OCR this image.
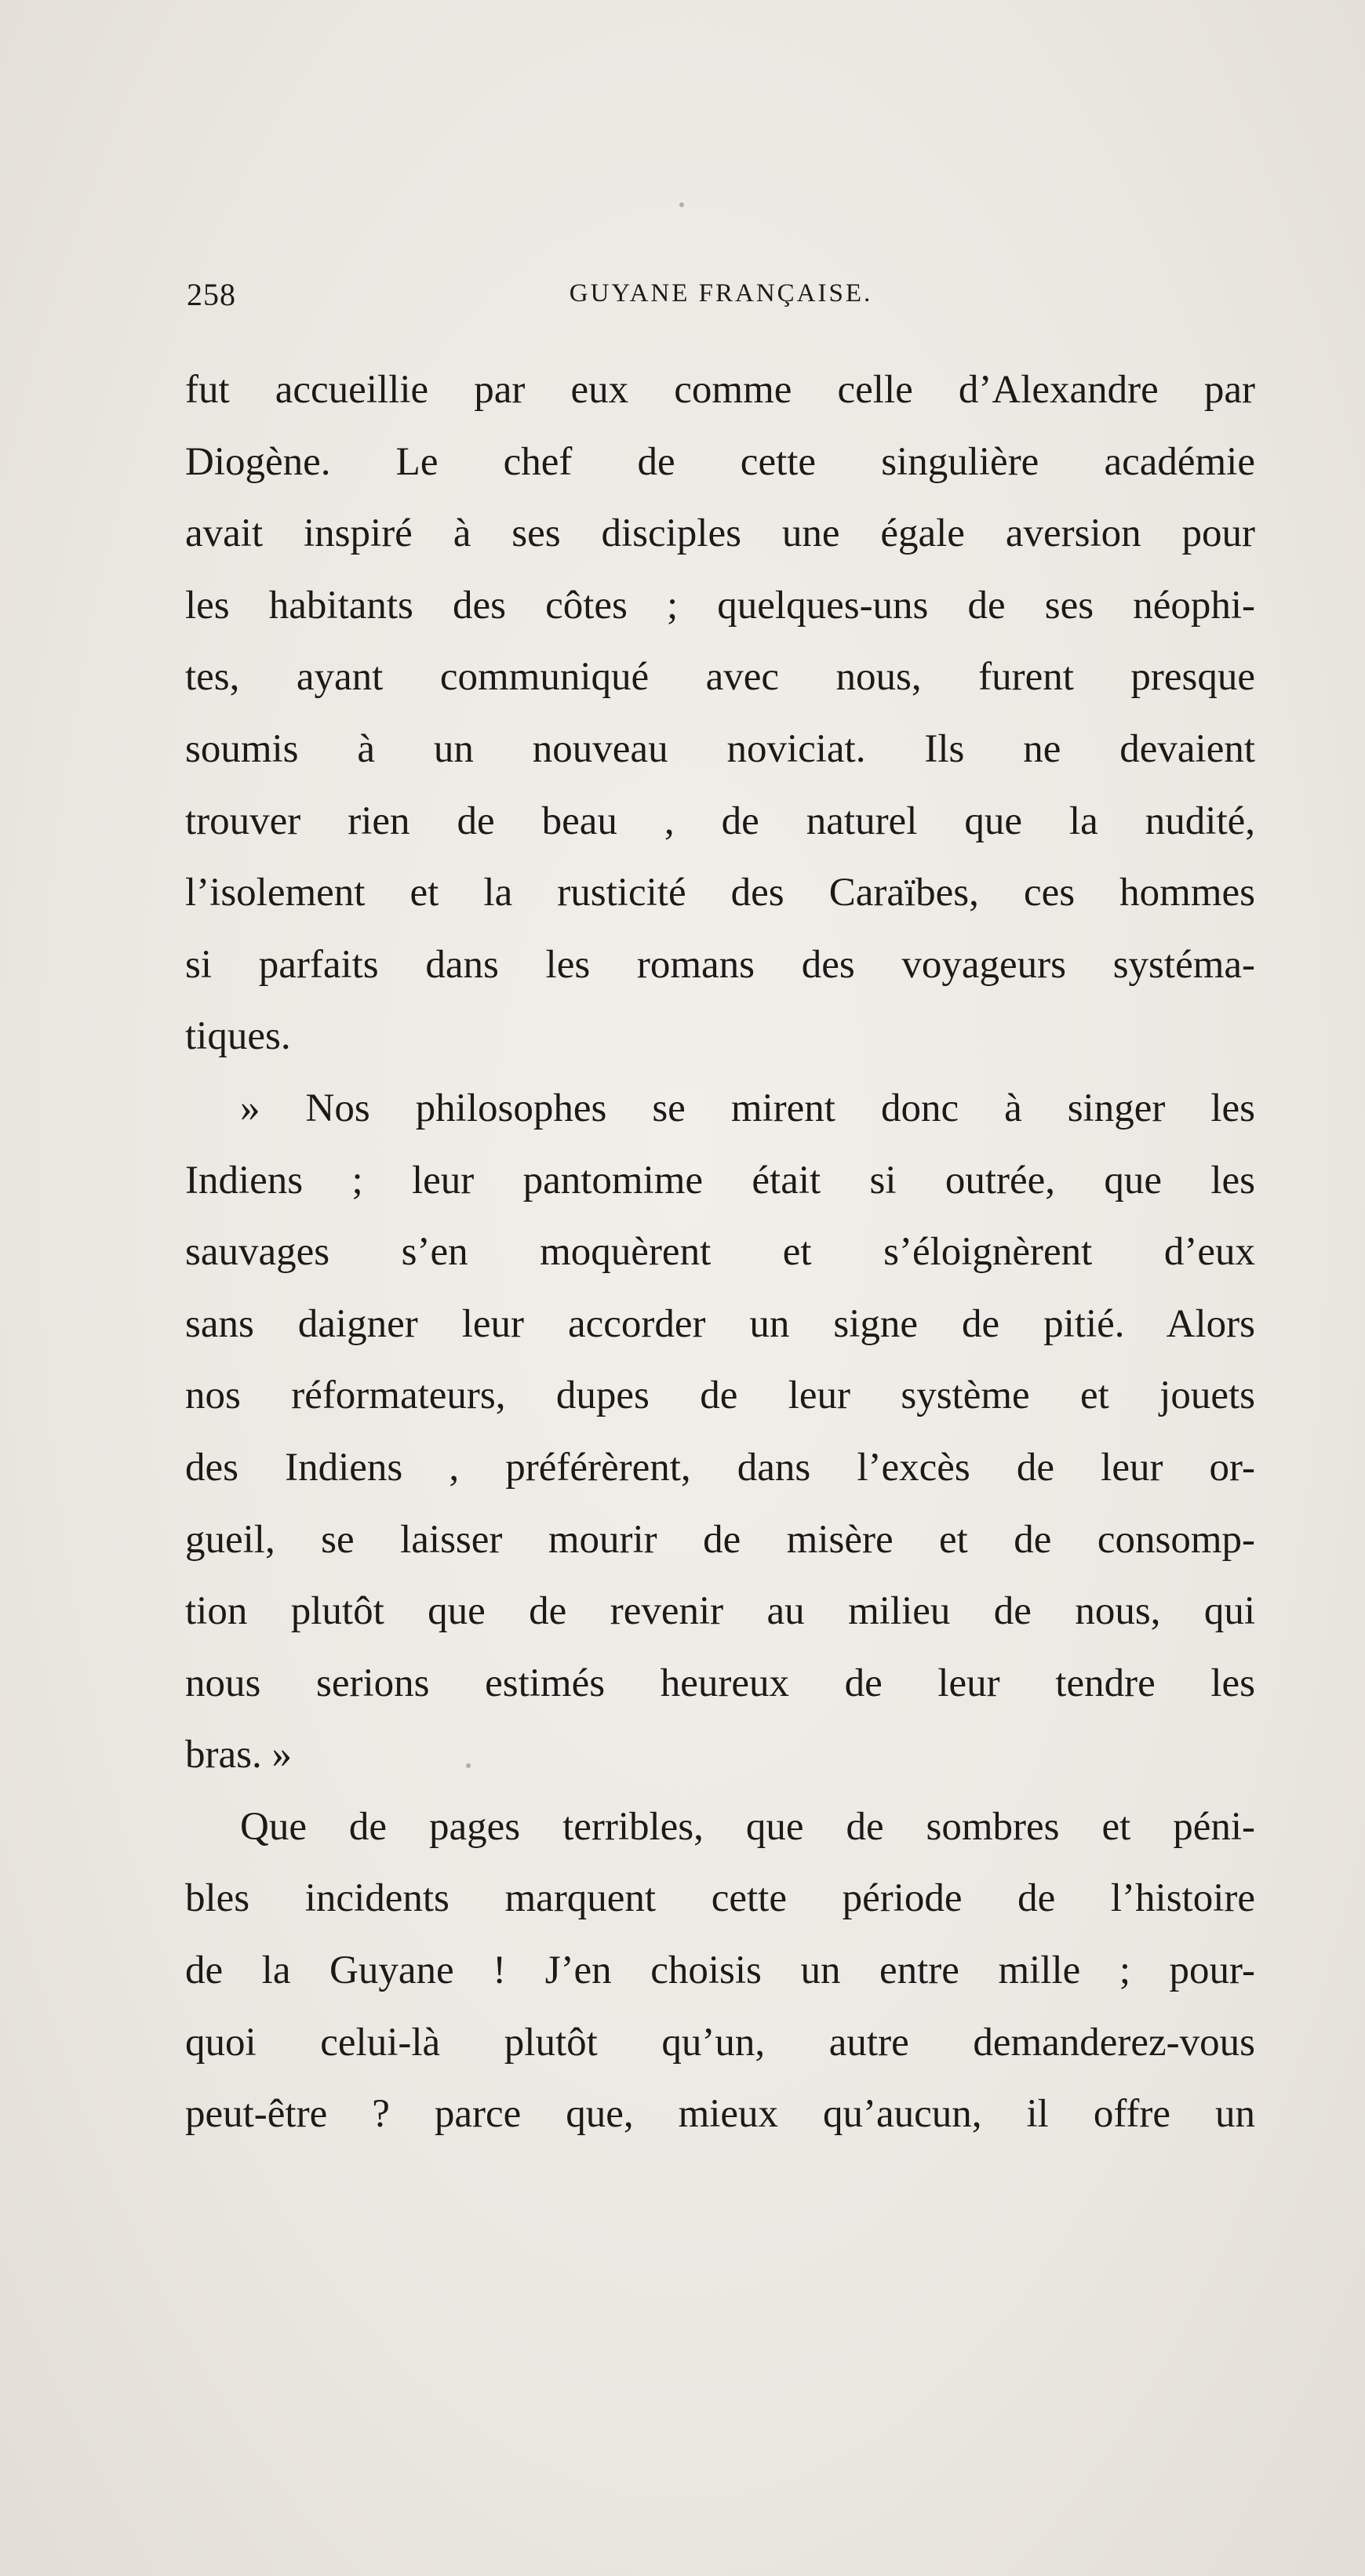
258	GUYANE FRANÇAISE.
fut accueillie par eux comme celle d’Alexandre par
Diogène. Le chef de cette singulière académie
avait inspiré à ses disciples une égale aversion pour
les habitants des côtes ; quelques-uns de ses néophi-
tes, ayant communiqué avec nous, furent presque
soumis à un nouveau noviciat. Ils ne devaient
trouver rien de beau , de naturel que la nudité,
l’isolement et la rusticité des Caraïbes, ces hommes
si parfaits dans les romans des voyageurs systéma-
tiques.
» Nos philosophes se mirent donc à singer les
Indiens ; leur pantomime était si outrée, que les
sauvages s’en moquèrent et s’éloignèrent d’eux
sans daigner leur accorder un signe de pitié. Alors
nos réformateurs, dupes de leur système et jouets
des Indiens , préférèrent, dans l’excès de leur or-
gueil, se laisser mourir de misère et de consomp-
tion plutôt que de revenir au milieu de nous, qui
nous serions estimés heureux de leur tendre les
bras. »
Que de pages terribles, que de sombres et péni-
bles incidents marquent cette période de l’histoire
de la Guyane ! J’en choisis un entre mille ; pour-
quoi celui-là plutôt qu’un, autre demanderez-vous
peut-être ? parce que, mieux qu’aucun, il offre un
